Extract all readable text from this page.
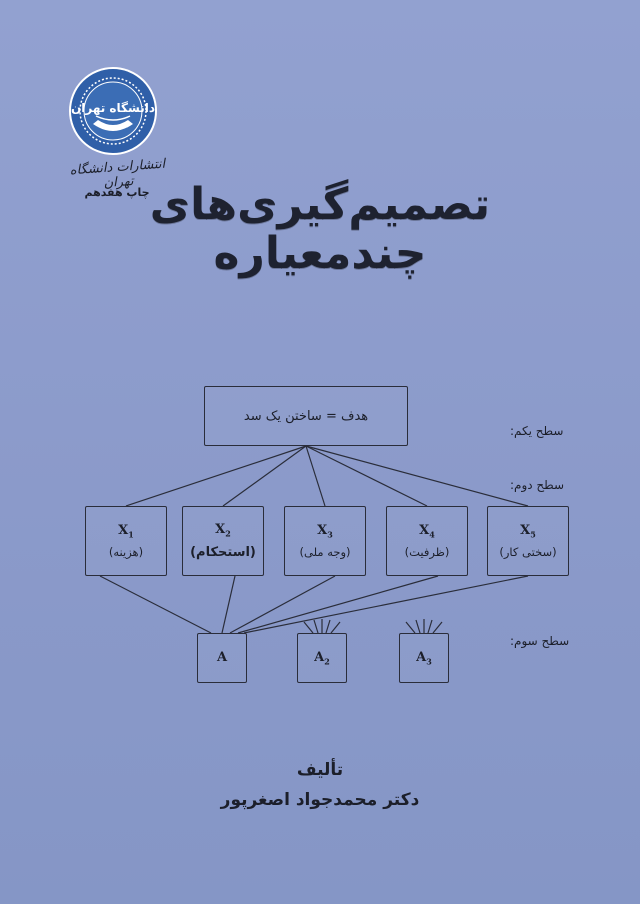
دانشگاه تهران
انتشارات دانشگاه تهران
چاپ هفدهم تصمیم‌گیری‌های
چندمعیاره
هدف = ساختن یک سد
سطح یکم:
سطح دوم:
سطح سوم:
$X_1$
(هزینه)
$X_2$
(استحکام)
$X_3$
(وجه ملی)
$X_4$
(ظرفیت)
$X_5$
(سختی کار)
A	$A_2$	$A_3$
تألیف
دکتر محمدجواد اصغرپور
